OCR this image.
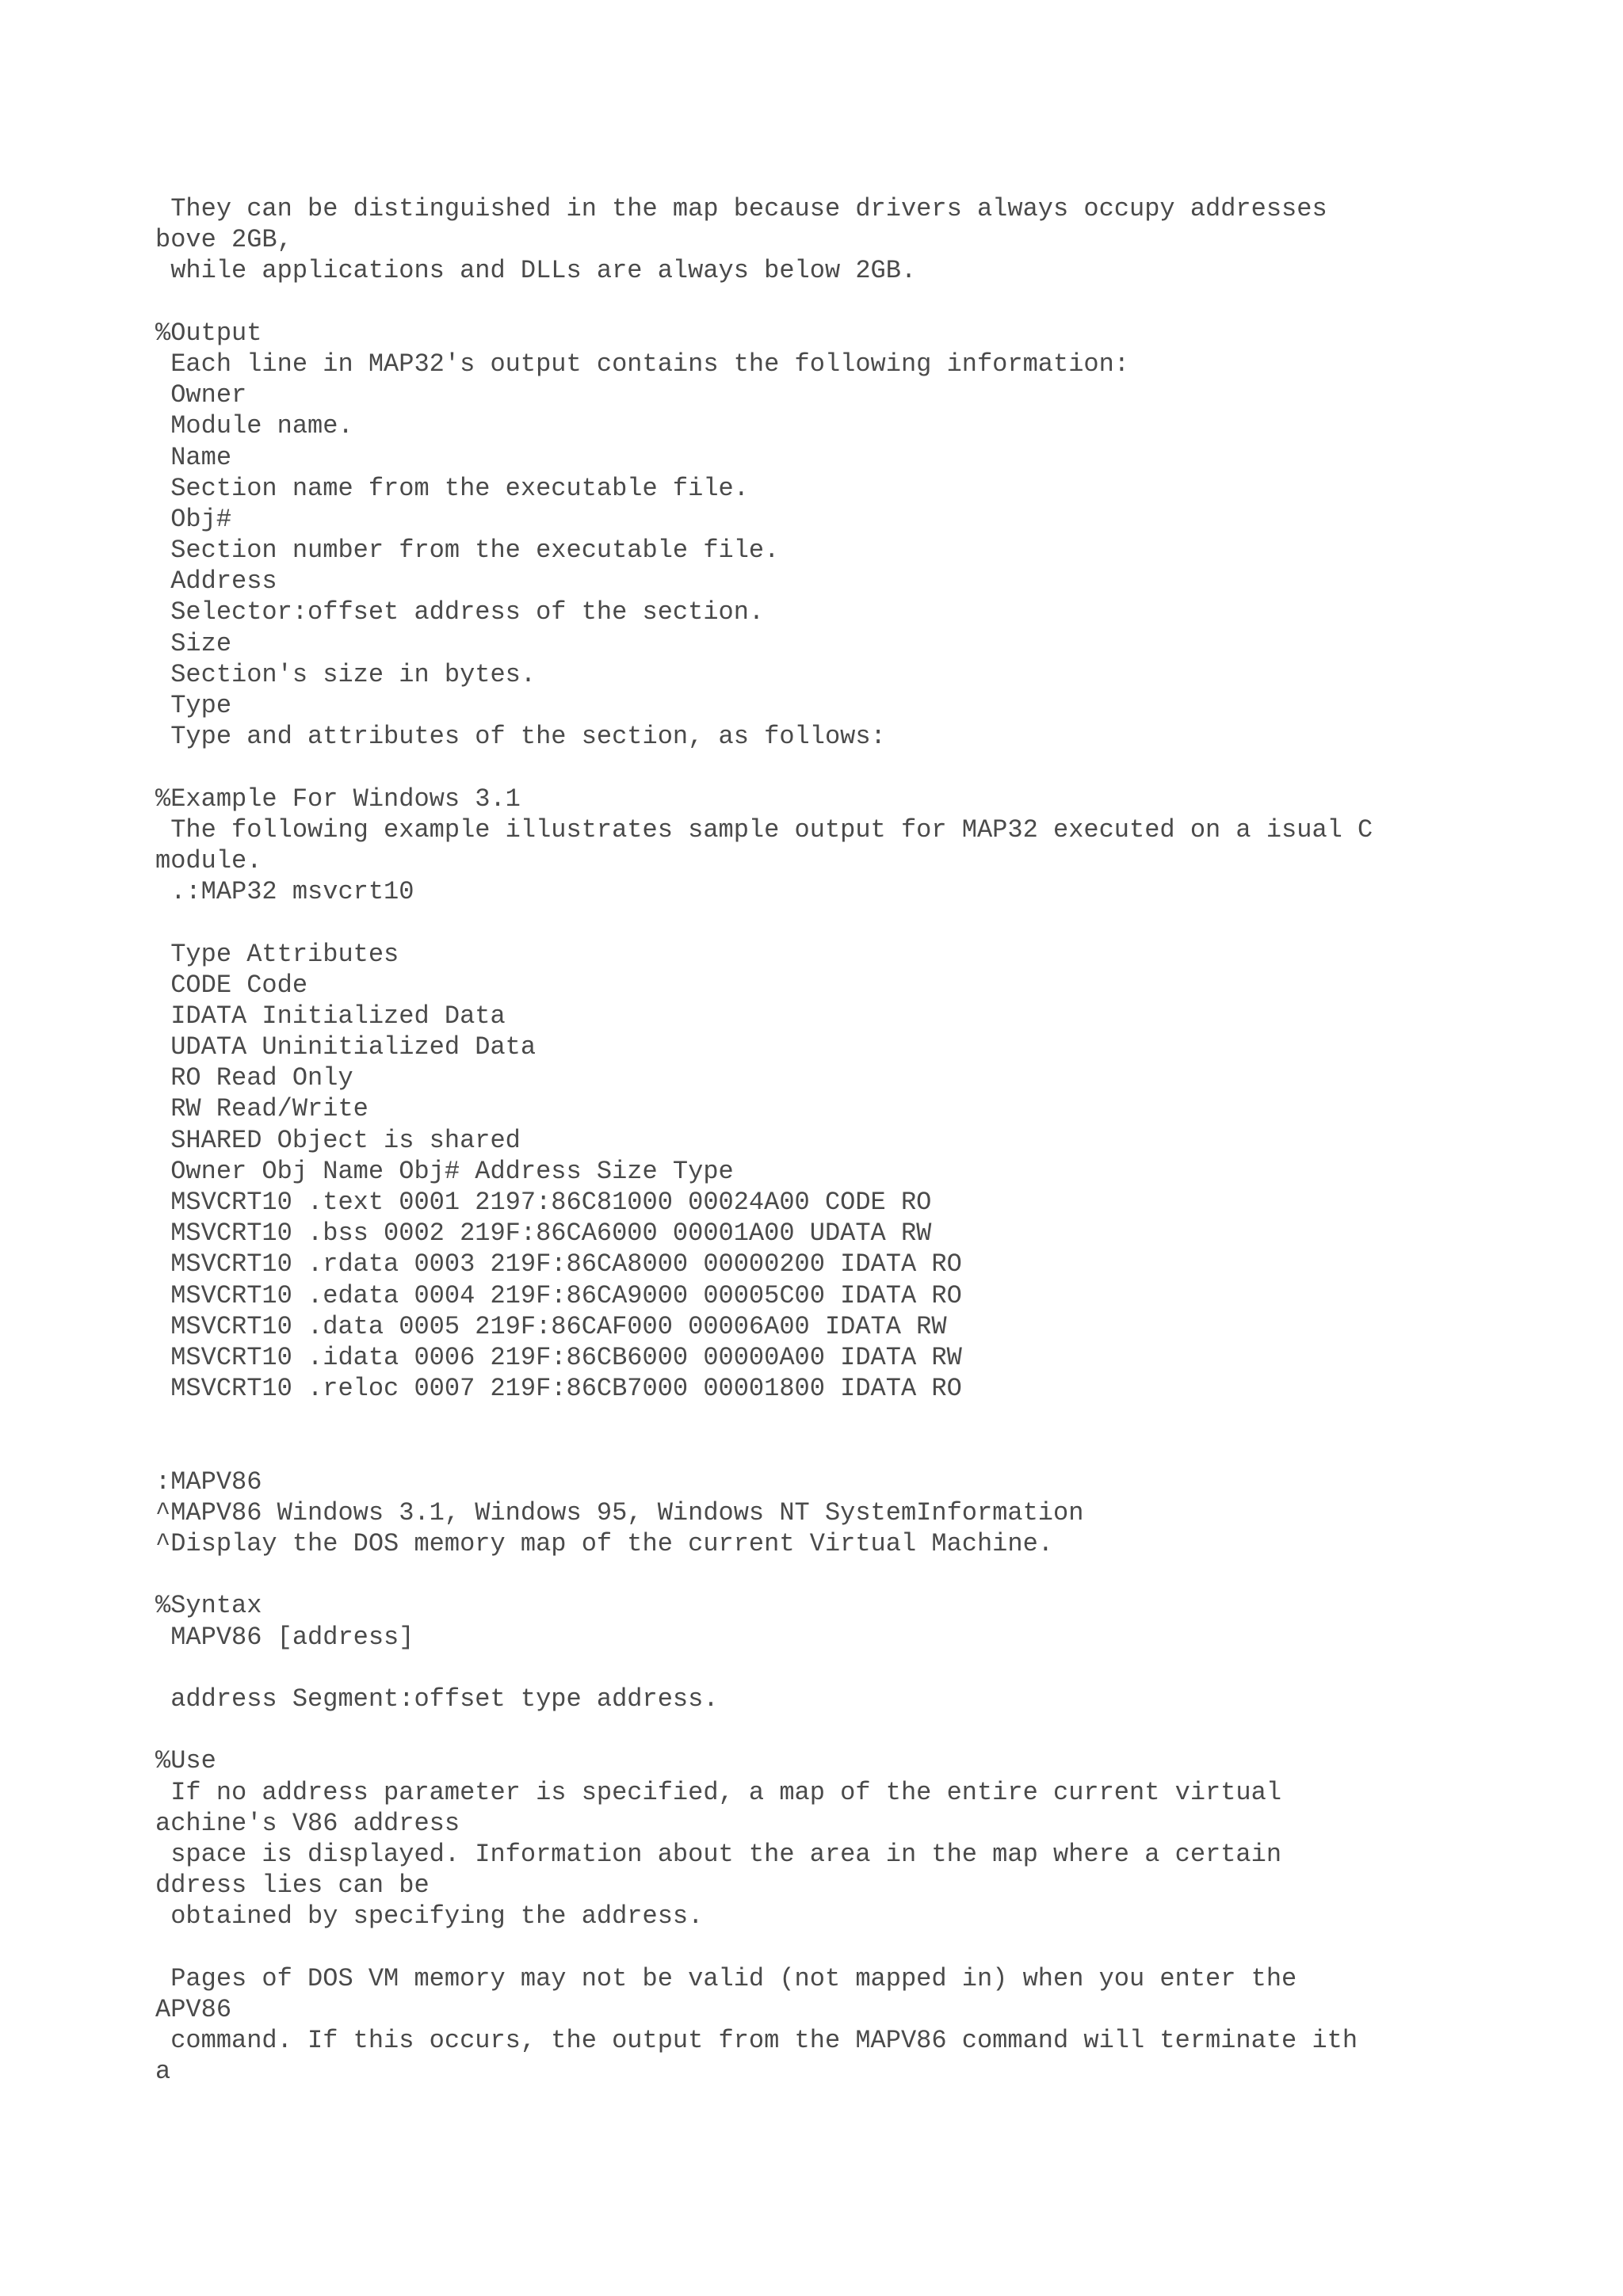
They can be distinguished in the map because drivers always occupy addresses
bove 2GB,
while applications and DLLs are always below 2GB.
%Output
Each line in MAP32's output contains the following information:
Owner
Module name.
Name
Section name from the executable file.
Obj#
Section number from the executable file.
Address
Selector:offset address of the section.
Size
Section's size in bytes.
Type
Type and attributes of the section, as follows:
%Example For Windows 3.1
The following example illustrates sample output for MAP32 executed on a isual C
module.
.:MAP32 msvcrt10
Type Attributes
CODE Code
IDATA Initialized Data
UDATA Uninitialized Data
RO Read Only
RW Read/Write
SHARED Object is shared
Owner Obj Name Obj# Address Size Type
MSVCRT10 .text 0001 2197:86C81000 00024A00 CODE RO
MSVCRT10 .bss 0002 219F:86CA6000 00001A00 UDATA RW
MSVCRT10 .rdata 0003 219F:86CA8000 00000200 IDATA RO
MSVCRT10 .edata 0004 219F:86CA9000 00005C00 IDATA RO
MSVCRT10 .data 0005 219F:86CAF000 00006A00 IDATA RW
MSVCRT10 .idata 0006 219F:86CB6000 00000A00 IDATA RW
MSVCRT10 .reloc 0007 219F:86CB7000 00001800 IDATA RO
:MAPV86
^MAPV86 Windows 3.1, Windows 95, Windows NT SystemInformation
^Display the DOS memory map of the current Virtual Machine.
%Syntax
MAPV86 [address]
address Segment:offset type address.
%Use
If no address parameter is specified, a map of the entire current virtual
achine's V86 address
space is displayed. Information about the area in the map where a certain
ddress lies can be
obtained by specifying the address.
Pages of DOS VM memory may not be valid (not mapped in) when you enter the
APV86
command. If this occurs, the output from the MAPV86 command will terminate ith
a
